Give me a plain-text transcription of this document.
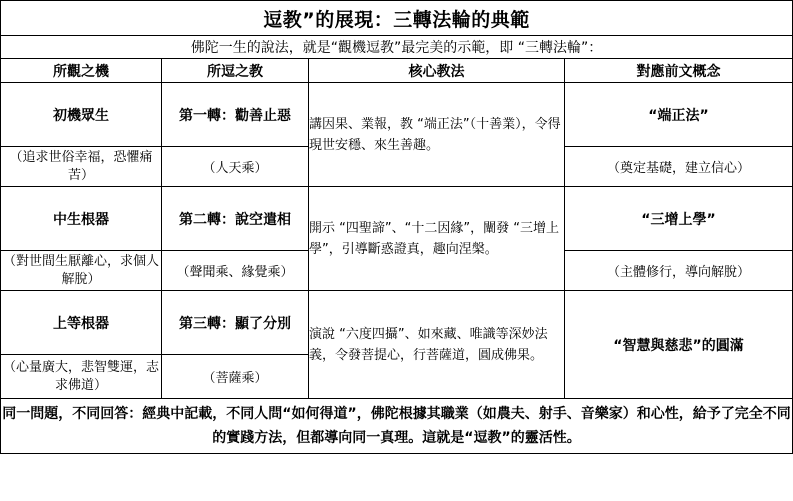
逗教”的展現：三轉法輪的典範			
佛陀一生的說法，就是“觀機逗教”最完美的示範，即 “三轉法輪”：			
所觀之機	所逗之教	核心教法	對應前文概念
初機眾生	第一轉：勸善止惡	講因果、業報，教 “端正法”（十善業），令得現世安穩、來生善趣。	“端正法”
（追求世俗幸福，恐懼痛苦）	（人天乘）		（奠定基礎，建立信心）
中生根器	第二轉：說空遣相	開示 “四聖諦”、“十二因緣”，闡發 “三增上學”，引導斷惑證真，趣向涅槃。	“三增上學”
（對世間生厭離心，求個人解脫）	（聲聞乘、緣覺乘）		（主體修行，導向解脫）
上等根器	第三轉：顯了分別	演說 “六度四攝”、如來藏、唯識等深妙法義，令發菩提心，行菩薩道，圓成佛果。	“智慧與慈悲”的圓滿
（心量廣大，悲智雙運，志求佛道）	（菩薩乘）		
同一問題，不同回答：經典中記載，不同人問“如何得道”，佛陀根據其職業（如農夫、射手、音樂家）和心性，給予了完全不同的實踐方法，但都導向同一真理。這就是“逗教”的靈活性。			
